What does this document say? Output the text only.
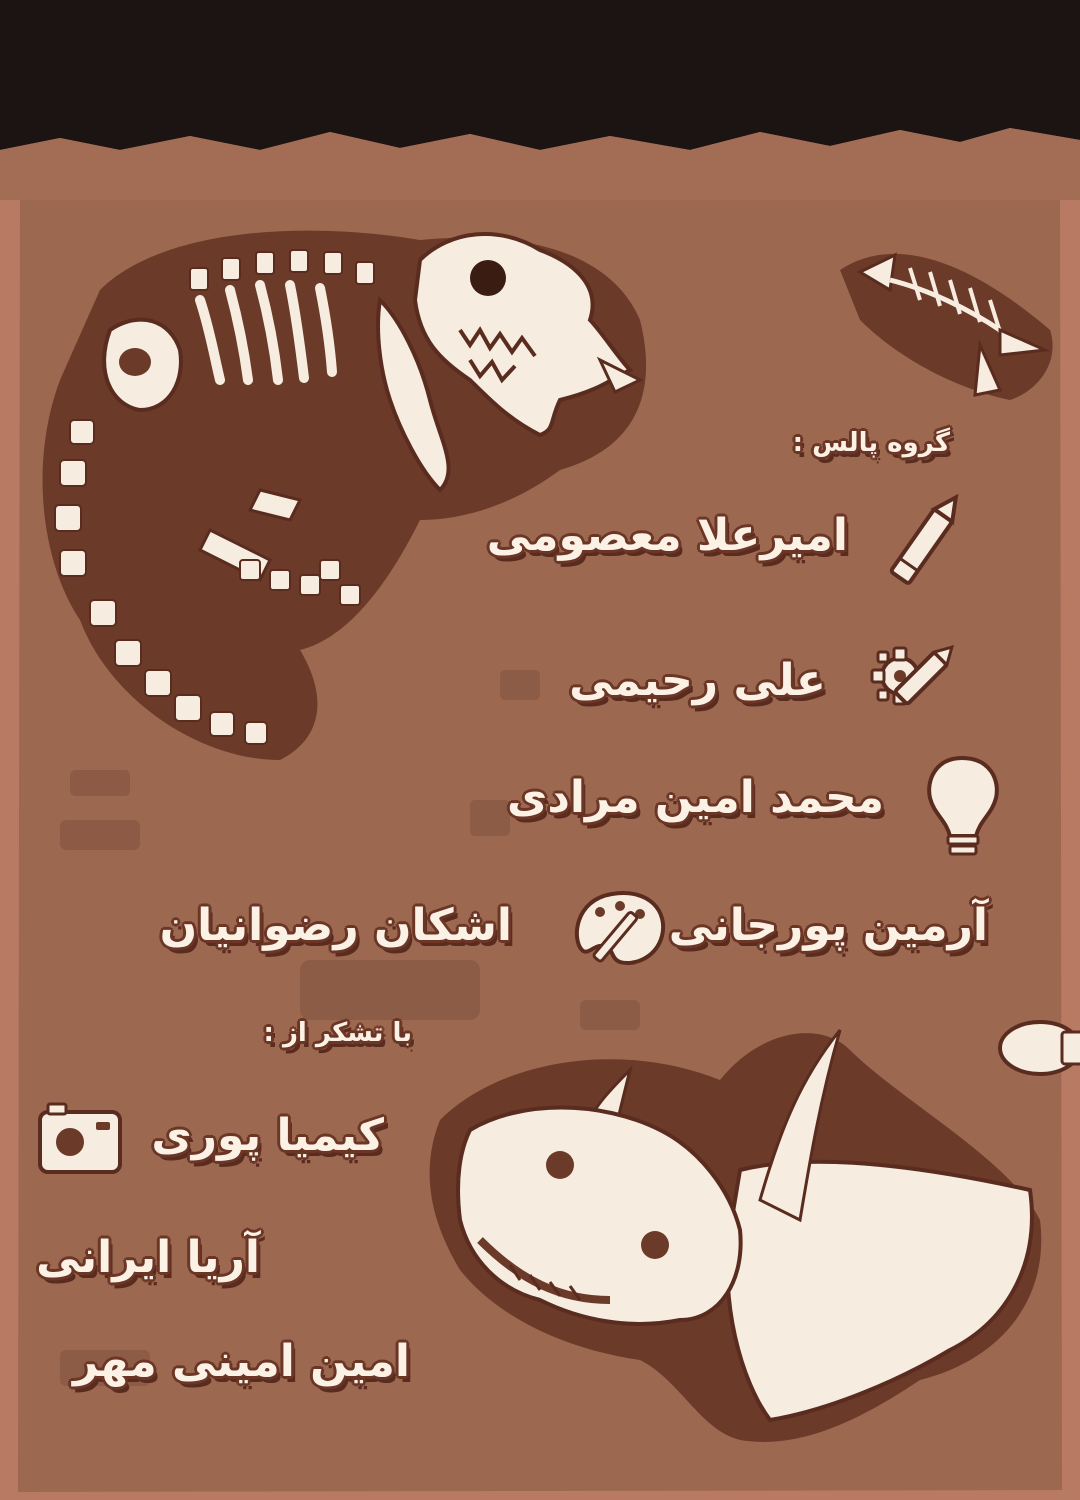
گروه پالس :
امیرعلا معصومی
علی رحیمی
محمد امین مرادی
آرمین پورجانی
اشکان رضوانیان
با تشکر از :
کیمیا پوری
آریا ایرانی
امین امینی مهر
